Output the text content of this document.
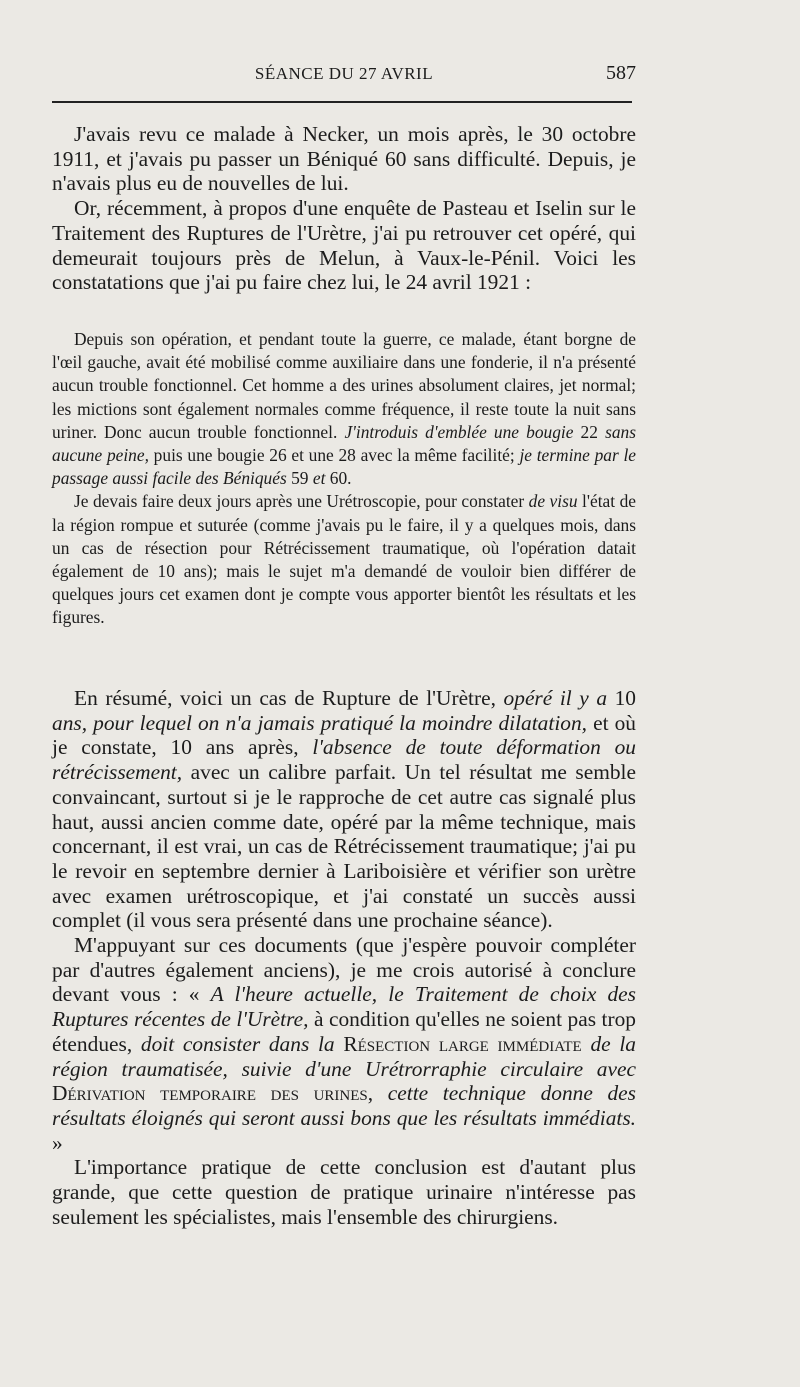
SÉANCE DU 27 AVRIL	587

J'avais revu ce malade à Necker, un mois après, le 30 octobre 1911, et j'avais pu passer un Béniqué 60 sans difficulté. Depuis, je n'avais plus eu de nouvelles de lui.

Or, récemment, à propos d'une enquête de Pasteau et Iselin sur le Traitement des Ruptures de l'Urètre, j'ai pu retrouver cet opéré, qui demeurait toujours près de Melun, à Vaux-le-Pénil. Voici les constatations que j'ai pu faire chez lui, le 24 avril 1921 :

Depuis son opération, et pendant toute la guerre, ce malade, étant borgne de l'œil gauche, avait été mobilisé comme auxiliaire dans une fonderie, il n'a présenté aucun trouble fonctionnel. Cet homme a des urines absolument claires, jet normal; les mictions sont également normales comme fréquence, il reste toute la nuit sans uriner. Donc aucun trouble fonctionnel. J'introduis d'emblée une bougie 22 sans aucune peine, puis une bougie 26 et une 28 avec la même facilité; je termine par le passage aussi facile des Béniqués 59 et 60.

Je devais faire deux jours après une Urétroscopie, pour constater de visu l'état de la région rompue et suturée (comme j'avais pu le faire, il y a quelques mois, dans un cas de résection pour Rétrécissement traumatique, où l'opération datait également de 10 ans); mais le sujet m'a demandé de vouloir bien différer de quelques jours cet examen dont je compte vous apporter bientôt les résultats et les figures.

En résumé, voici un cas de Rupture de l'Urètre, opéré il y a 10 ans, pour lequel on n'a jamais pratiqué la moindre dilatation, et où je constate, 10 ans après, l'absence de toute déformation ou rétrécissement, avec un calibre parfait. Un tel résultat me semble convaincant, surtout si je le rapproche de cet autre cas signalé plus haut, aussi ancien comme date, opéré par la même technique, mais concernant, il est vrai, un cas de Rétrécissement traumatique; j'ai pu le revoir en septembre dernier à Lariboisière et vérifier son urètre avec examen urétroscopique, et j'ai constaté un succès aussi complet (il vous sera présenté dans une prochaine séance).

M'appuyant sur ces documents (que j'espère pouvoir compléter par d'autres également anciens), je me crois autorisé à conclure devant vous : « A l'heure actuelle, le Traitement de choix des Ruptures récentes de l'Urètre, à condition qu'elles ne soient pas trop étendues, doit consister dans la Résection large immédiate de la région traumatisée, suivie d'une Urétrorraphie circulaire avec Dérivation temporaire des urines, cette technique donne des résultats éloignés qui seront aussi bons que les résultats immédiats. »

L'importance pratique de cette conclusion est d'autant plus grande, que cette question de pratique urinaire n'intéresse pas seulement les spécialistes, mais l'ensemble des chirurgiens.
